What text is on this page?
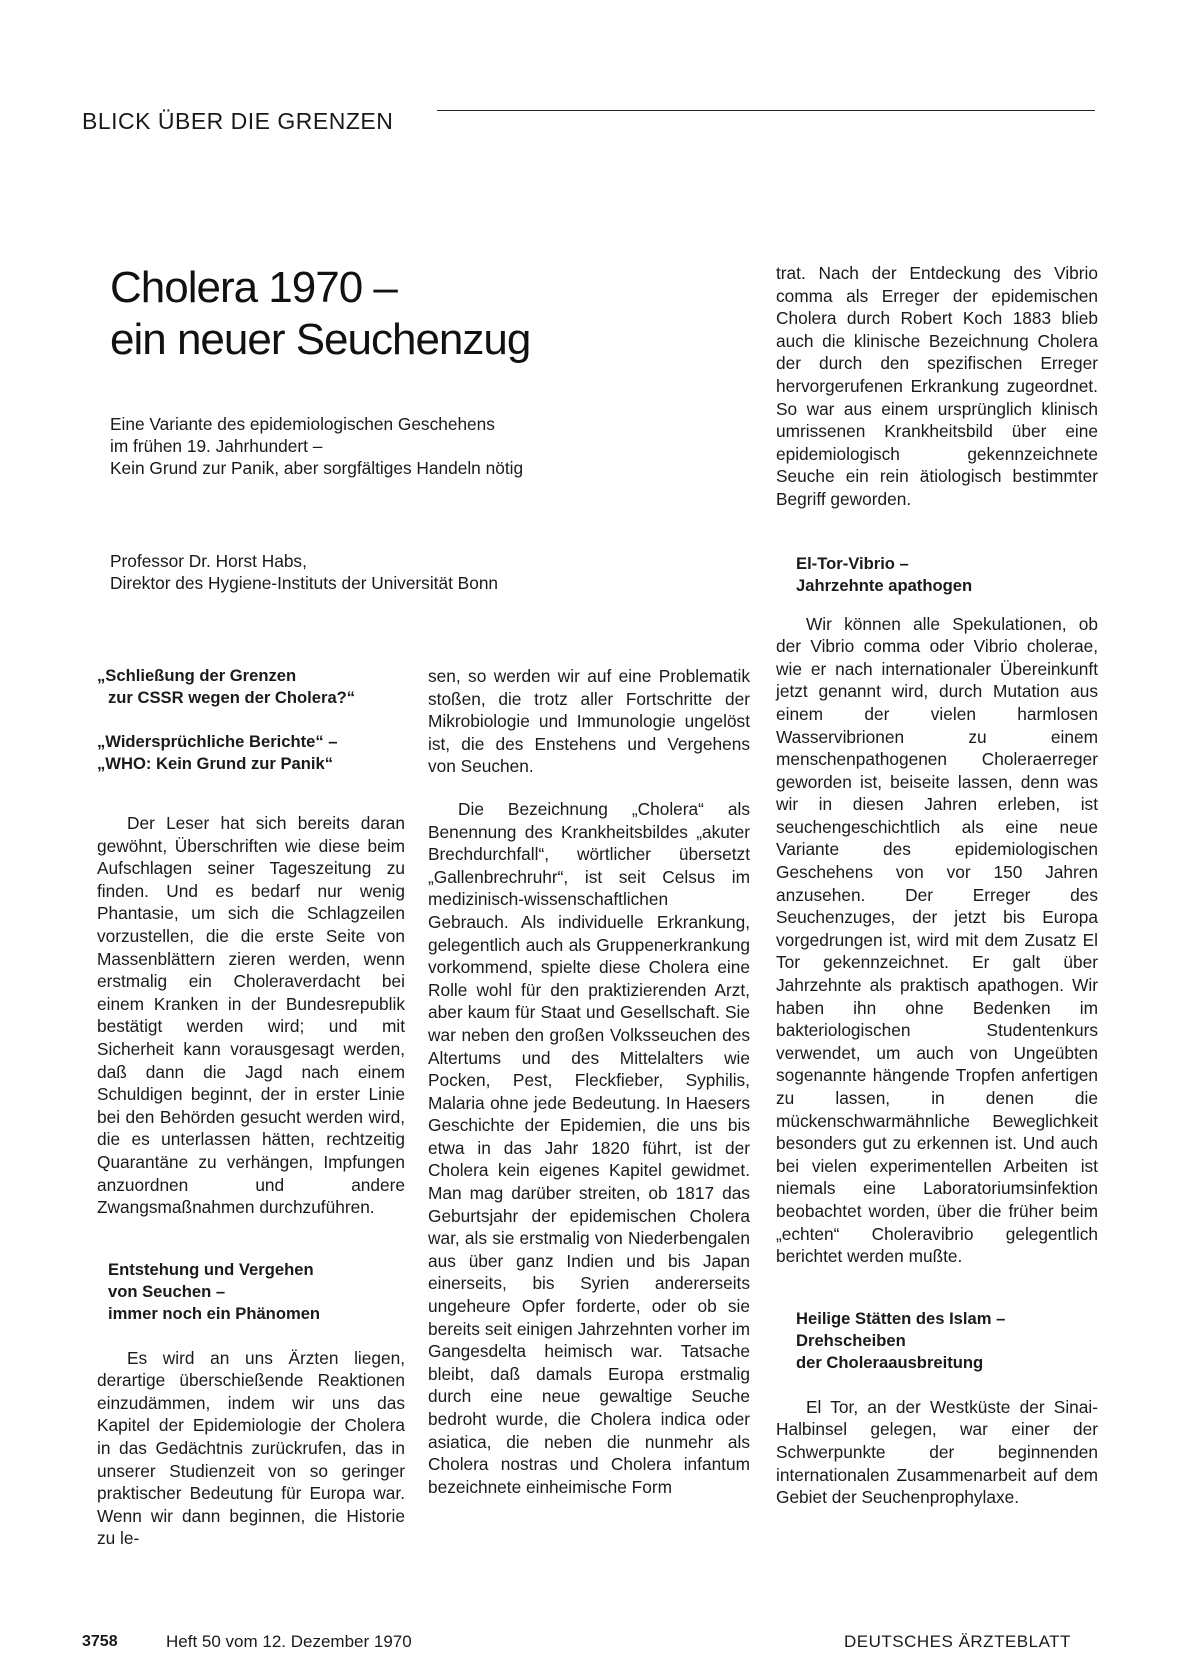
BLICK ÜBER DIE GRENZEN
Cholera 1970 –
ein neuer Seuchenzug
Eine Variante des epidemiologischen Geschehens
im frühen 19. Jahrhundert –
Kein Grund zur Panik, aber sorgfältiges Handeln nötig
Professor Dr. Horst Habs,
Direktor des Hygiene-Instituts der Universität Bonn
„Schließung der Grenzen
zur CSSR wegen der Cholera?“
„Widersprüchliche Berichte“ –
„WHO: Kein Grund zur Panik“

Der Leser hat sich bereits daran gewöhnt, Überschriften wie diese beim Aufschlagen seiner Tageszeitung zu finden. Und es bedarf nur wenig Phantasie, um sich die Schlagzeilen vorzustellen, die die erste Seite von Massenblättern zieren werden, wenn erstmalig ein Choleraverdacht bei einem Kranken in der Bundesrepublik bestätigt werden wird; und mit Sicherheit kann vorausgesagt werden, daß dann die Jagd nach einem Schuldigen beginnt, der in erster Linie bei den Behörden gesucht werden wird, die es unterlassen hätten, rechtzeitig Quarantäne zu verhängen, Impfungen anzuordnen und andere Zwangsmaßnahmen durchzuführen.

Entstehung und Vergehen
von Seuchen –
immer noch ein Phänomen

Es wird an uns Ärzten liegen, derartige überschießende Reaktionen einzudämmen, indem wir uns das Kapitel der Epidemiologie der Cholera in das Gedächtnis zurückrufen, das in unserer Studienzeit von so geringer praktischer Bedeutung für Europa war. Wenn wir dann beginnen, die Historie zu le-

sen, so werden wir auf eine Problematik stoßen, die trotz aller Fortschritte der Mikrobiologie und Immunologie ungelöst ist, die des Enstehens und Vergehens von Seuchen.

Die Bezeichnung „Cholera“ als Benennung des Krankheitsbildes „akuter Brechdurchfall“, wörtlicher übersetzt „Gallenbrechruhr“, ist seit Celsus im medizinisch-wissenschaftlichen Gebrauch. Als individuelle Erkrankung, gelegentlich auch als Gruppenerkrankung vorkommend, spielte diese Cholera eine Rolle wohl für den praktizierenden Arzt, aber kaum für Staat und Gesellschaft. Sie war neben den großen Volksseuchen des Altertums und des Mittelalters wie Pocken, Pest, Fleckfieber, Syphilis, Malaria ohne jede Bedeutung. In Haesers Geschichte der Epidemien, die uns bis etwa in das Jahr 1820 führt, ist der Cholera kein eigenes Kapitel gewidmet. Man mag darüber streiten, ob 1817 das Geburtsjahr der epidemischen Cholera war, als sie erstmalig von Niederbengalen aus über ganz Indien und bis Japan einerseits, bis Syrien andererseits ungeheure Opfer forderte, oder ob sie bereits seit einigen Jahrzehnten vorher im Gangesdelta heimisch war. Tatsache bleibt, daß damals Europa erstmalig durch eine neue gewaltige Seuche bedroht wurde, die Cholera indica oder asiatica, die neben die nunmehr als Cholera nostras und Cholera infantum bezeichnete einheimische Form

trat. Nach der Entdeckung des Vibrio comma als Erreger der epidemischen Cholera durch Robert Koch 1883 blieb auch die klinische Bezeichnung Cholera der durch den spezifischen Erreger hervorgerufenen Erkrankung zugeordnet. So war aus einem ursprünglich klinisch umrissenen Krankheitsbild über eine epidemiologisch gekennzeichnete Seuche ein rein ätiologisch bestimmter Begriff geworden.

El-Tor-Vibrio –
Jahrzehnte apathogen

Wir können alle Spekulationen, ob der Vibrio comma oder Vibrio cholerae, wie er nach internationaler Übereinkunft jetzt genannt wird, durch Mutation aus einem der vielen harmlosen Wasservibrionen zu einem menschenpathogenen Choleraerreger geworden ist, beiseite lassen, denn was wir in diesen Jahren erleben, ist seuchengeschichtlich als eine neue Variante des epidemiologischen Geschehens von vor 150 Jahren anzusehen. Der Erreger des Seuchenzuges, der jetzt bis Europa vorgedrungen ist, wird mit dem Zusatz El Tor gekennzeichnet. Er galt über Jahrzehnte als praktisch apathogen. Wir haben ihn ohne Bedenken im bakteriologischen Studentenkurs verwendet, um auch von Ungeübten sogenannte hängende Tropfen anfertigen zu lassen, in denen die mückenschwarmähnliche Beweglichkeit besonders gut zu erkennen ist. Und auch bei vielen experimentellen Arbeiten ist niemals eine Laboratoriumsinfektion beobachtet worden, über die früher beim „echten“ Choleravibrio gelegentlich berichtet werden mußte.

Heilige Stätten des Islam –
Drehscheiben
der Choleraausbreitung

El Tor, an der Westküste der Sinai-Halbinsel gelegen, war einer der Schwerpunkte der beginnenden internationalen Zusammenarbeit auf dem Gebiet der Seuchenprophylaxe.

3758	Heft 50 vom 12. Dezember 1970	DEUTSCHES ÄRZTEBLATT
